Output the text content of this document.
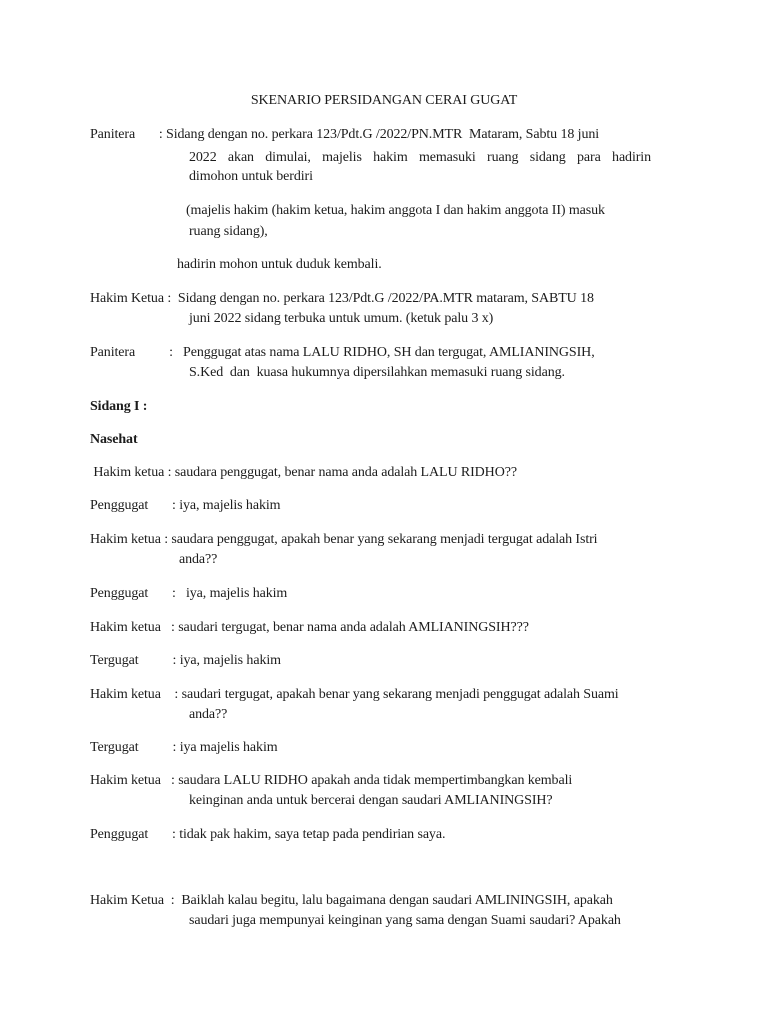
SKENARIO PERSIDANGAN CERAI GUGAT
Panitera       : Sidang dengan no. perkara 123/Pdt.G /2022/PN.MTR  Mataram, Sabtu 18 juni
2022  akan  dimulai,  majelis  hakim  memasuki  ruang  sidang  para  hadirin
dimohon untuk berdiri
(majelis hakim (hakim ketua, hakim anggota I dan hakim anggota II) masuk
ruang sidang),
hadirin mohon untuk duduk kembali.
Hakim Ketua :  Sidang dengan no. perkara 123/Pdt.G /2022/PA.MTR mataram, SABTU 18
juni 2022 sidang terbuka untuk umum. (ketuk palu 3 x)
Panitera          :   Penggugat atas nama LALU RIDHO, SH dan tergugat, AMLIANINGSIH,
S.Ked  dan  kuasa hukumnya dipersilahkan memasuki ruang sidang.
Sidang I :
Nasehat
Hakim ketua : saudara penggugat, benar nama anda adalah LALU RIDHO??
Penggugat       : iya, majelis hakim
Hakim ketua : saudara penggugat, apakah benar yang sekarang menjadi tergugat adalah Istri
anda??
Penggugat       :   iya, majelis hakim
Hakim ketua   : saudari tergugat, benar nama anda adalah AMLIANINGSIH???
Tergugat          : iya, majelis hakim
Hakim ketua    : saudari tergugat, apakah benar yang sekarang menjadi penggugat adalah Suami
anda??
Tergugat          : iya majelis hakim
Hakim ketua   : saudara LALU RIDHO apakah anda tidak mempertimbangkan kembali
keinginan anda untuk bercerai dengan saudari AMLIANINGSIH?
Penggugat       : tidak pak hakim, saya tetap pada pendirian saya.
Hakim Ketua  :  Baiklah kalau begitu, lalu bagaimana dengan saudari AMLININGSIH, apakah
saudari juga mempunyai keinginan yang sama dengan Suami saudari? Apakah
